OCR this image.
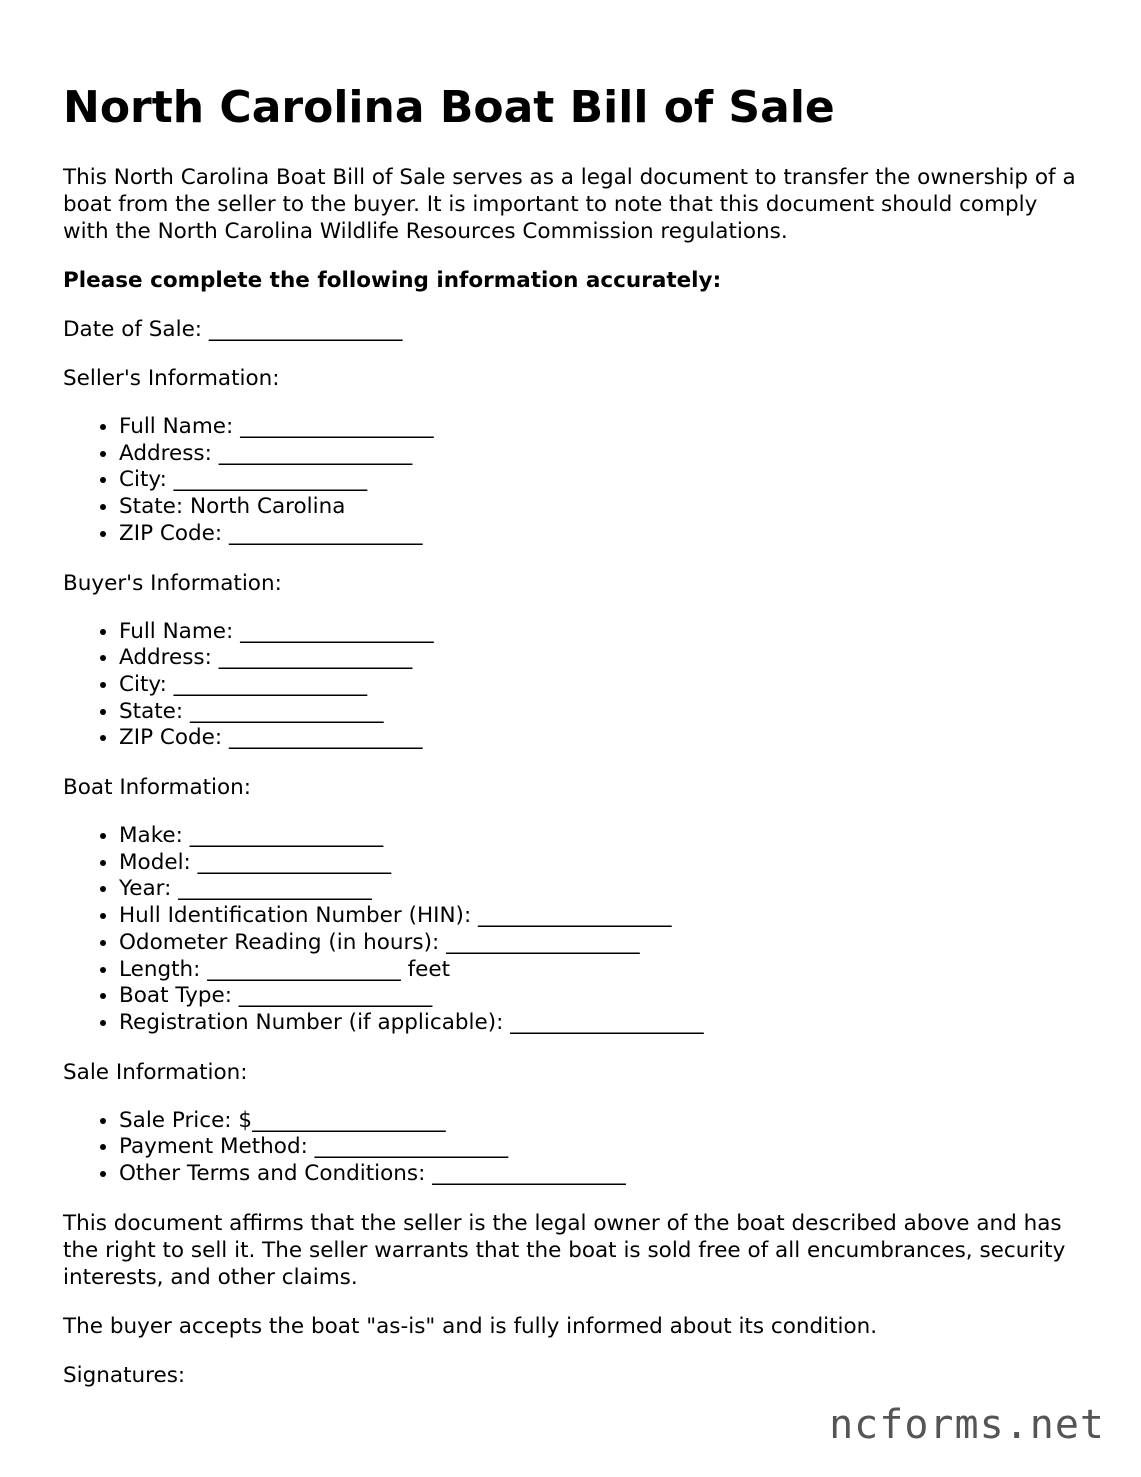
North Carolina Boat Bill of Sale

This North Carolina Boat Bill of Sale serves as a legal document to transfer the ownership of a boat from the seller to the buyer. It is important to note that this document should comply with the North Carolina Wildlife Resources Commission regulations.

Please complete the following information accurately:

Date of Sale: __________________

Seller's Information:

• Full Name: __________________
• Address: __________________
• City: __________________
• State: North Carolina
• ZIP Code: __________________

Buyer's Information:

• Full Name: __________________
• Address: __________________
• City: __________________
• State: __________________
• ZIP Code: __________________

Boat Information:

• Make: __________________
• Model: __________________
• Year: __________________
• Hull Identification Number (HIN): __________________
• Odometer Reading (in hours): __________________
• Length: __________________ feet
• Boat Type: __________________
• Registration Number (if applicable): __________________

Sale Information:

• Sale Price: $__________________
• Payment Method: __________________
• Other Terms and Conditions: __________________

This document affirms that the seller is the legal owner of the boat described above and has the right to sell it. The seller warrants that the boat is sold free of all encumbrances, security interests, and other claims.

The buyer accepts the boat "as-is" and is fully informed about its condition.

Signatures:

ncforms.net
